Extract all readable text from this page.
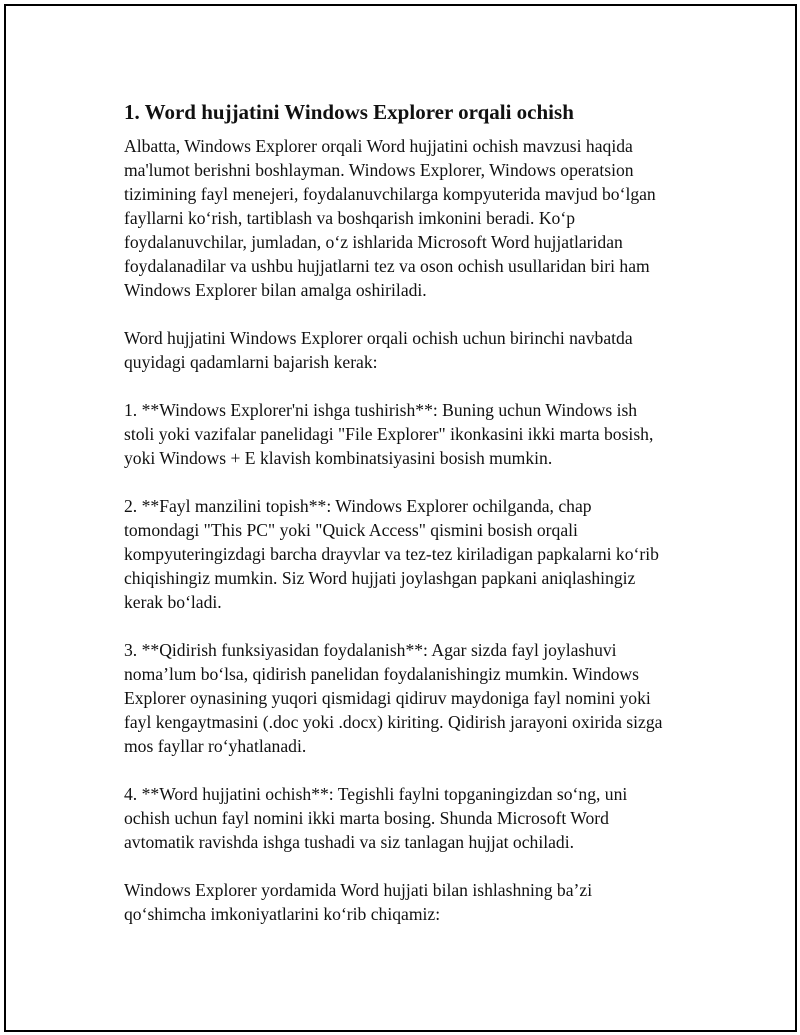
1. Word hujjatini Windows Explorer orqali ochish

Albatta, Windows Explorer orqali Word hujjatini ochish mavzusi haqida
ma'lumot berishni boshlayman. Windows Explorer, Windows operatsion
tizimining fayl menejeri, foydalanuvchilarga kompyuterida mavjud bo‘lgan
fayllarni ko‘rish, tartiblash va boshqarish imkonini beradi. Ko‘p
foydalanuvchilar, jumladan, o‘z ishlarida Microsoft Word hujjatlaridan
foydalanadilar va ushbu hujjatlarni tez va oson ochish usullaridan biri ham
Windows Explorer bilan amalga oshiriladi.

Word hujjatini Windows Explorer orqali ochish uchun birinchi navbatda
quyidagi qadamlarni bajarish kerak:

1. **Windows Explorer'ni ishga tushirish**: Buning uchun Windows ish
stoli yoki vazifalar panelidagi "File Explorer" ikonkasini ikki marta bosish,
yoki Windows + E klavish kombinatsiyasini bosish mumkin.

2. **Fayl manzilini topish**: Windows Explorer ochilganda, chap
tomondagi "This PC" yoki "Quick Access" qismini bosish orqali
kompyuteringizdagi barcha drayvlar va tez-tez kiriladigan papkalarni ko‘rib
chiqishingiz mumkin. Siz Word hujjati joylashgan papkani aniqlashingiz
kerak bo‘ladi.

3. **Qidirish funksiyasidan foydalanish**: Agar sizda fayl joylashuvi
noma’lum bo‘lsa, qidirish panelidan foydalanishingiz mumkin. Windows
Explorer oynasining yuqori qismidagi qidiruv maydoniga fayl nomini yoki
fayl kengaytmasini (.doc yoki .docx) kiriting. Qidirish jarayoni oxirida sizga
mos fayllar ro‘yhatlanadi.

4. **Word hujjatini ochish**: Tegishli faylni topganingizdan so‘ng, uni
ochish uchun fayl nomini ikki marta bosing. Shunda Microsoft Word
avtomatik ravishda ishga tushadi va siz tanlagan hujjat ochiladi.

Windows Explorer yordamida Word hujjati bilan ishlashning ba’zi
qo‘shimcha imkoniyatlarini ko‘rib chiqamiz:
